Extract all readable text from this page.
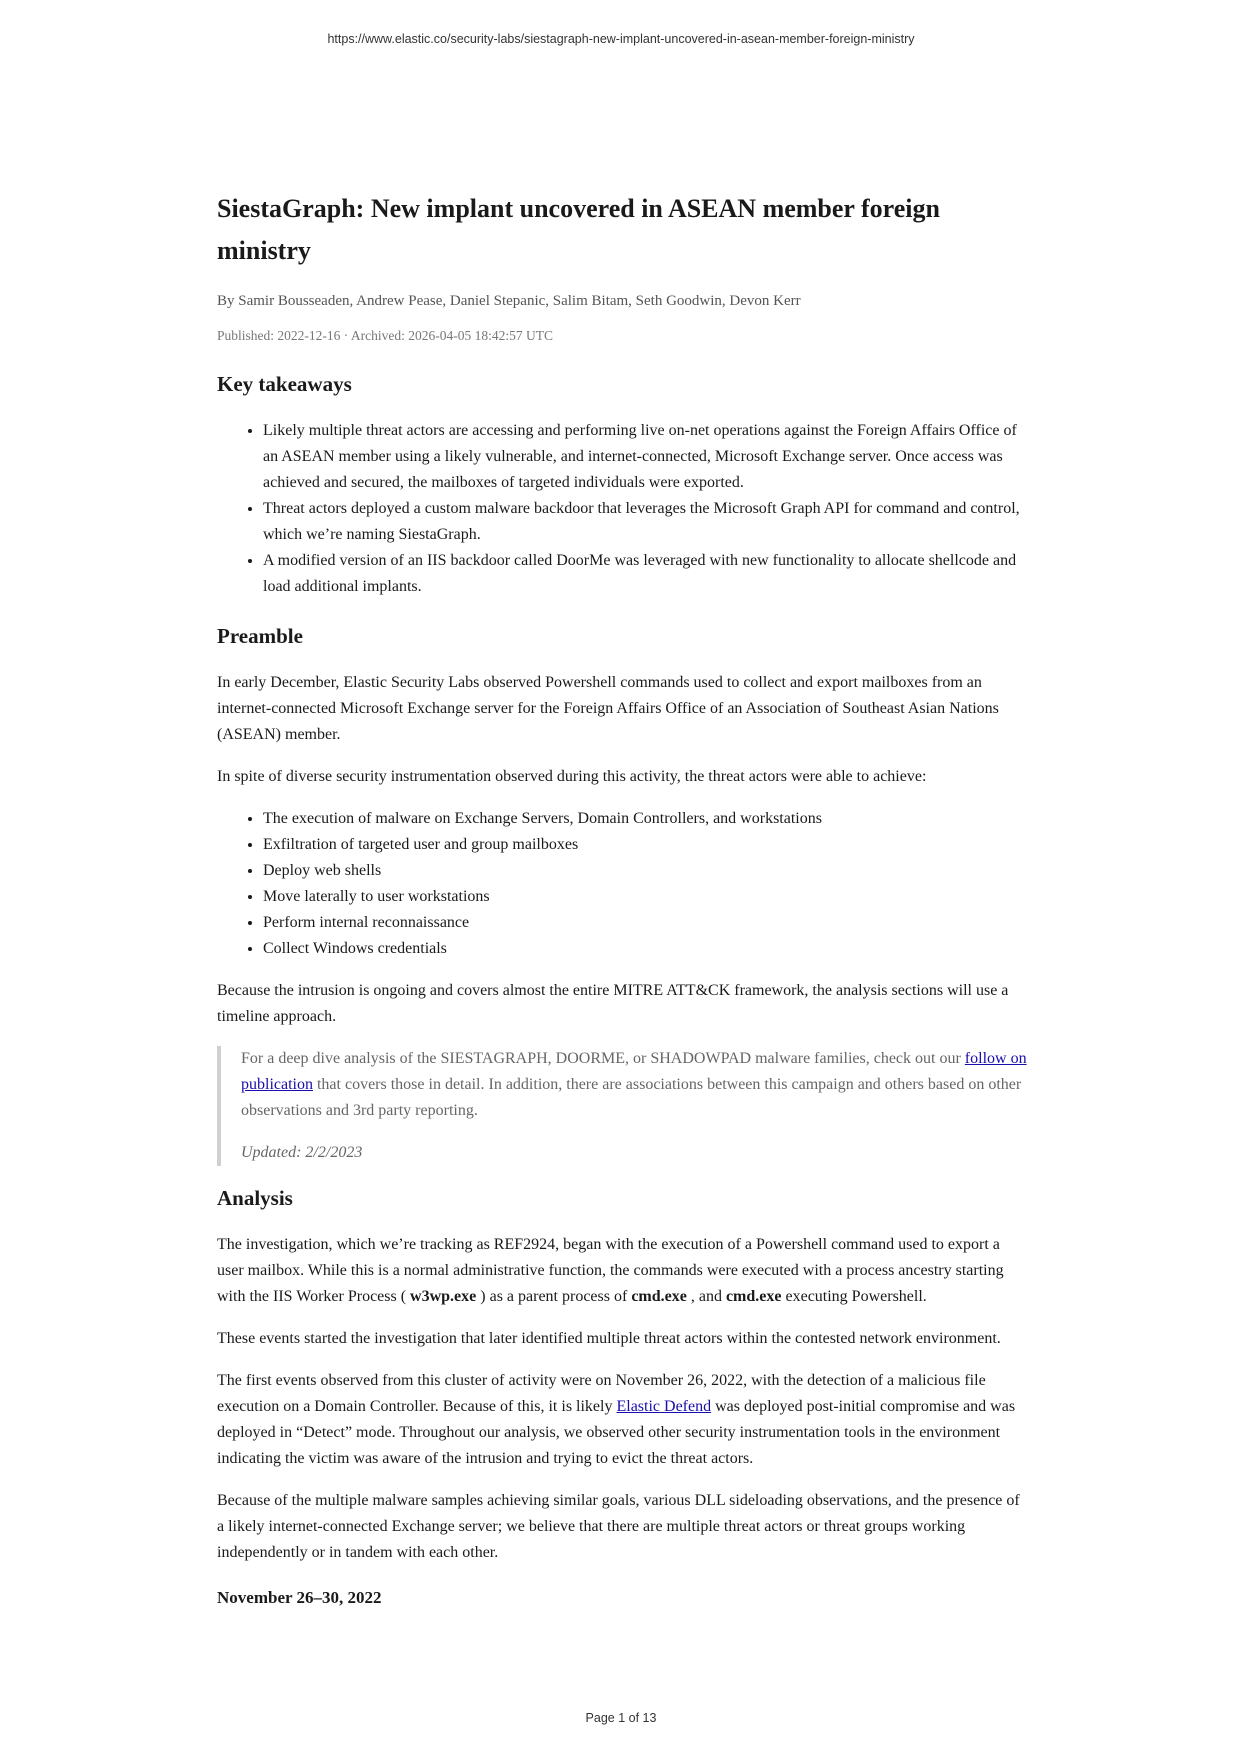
https://www.elastic.co/security-labs/siestagraph-new-implant-uncovered-in-asean-member-foreign-ministry
SiestaGraph: New implant uncovered in ASEAN member foreign ministry
By Samir Bousseaden, Andrew Pease, Daniel Stepanic, Salim Bitam, Seth Goodwin, Devon Kerr
Published: 2022-12-16 · Archived: 2026-04-05 18:42:57 UTC
Key takeaways
• Likely multiple threat actors are accessing and performing live on-net operations against the Foreign Affairs Office of an ASEAN member using a likely vulnerable, and internet-connected, Microsoft Exchange server. Once access was achieved and secured, the mailboxes of targeted individuals were exported.
• Threat actors deployed a custom malware backdoor that leverages the Microsoft Graph API for command and control, which we’re naming SiestaGraph.
• A modified version of an IIS backdoor called DoorMe was leveraged with new functionality to allocate shellcode and load additional implants.
Preamble

In early December, Elastic Security Labs observed Powershell commands used to collect and export mailboxes from an internet-connected Microsoft Exchange server for the Foreign Affairs Office of an Association of Southeast Asian Nations (ASEAN) member.

In spite of diverse security instrumentation observed during this activity, the threat actors were able to achieve:

• The execution of malware on Exchange Servers, Domain Controllers, and workstations
• Exfiltration of targeted user and group mailboxes
• Deploy web shells
• Move laterally to user workstations
• Perform internal reconnaissance
• Collect Windows credentials

Because the intrusion is ongoing and covers almost the entire MITRE ATT&CK framework, the analysis sections will use a timeline approach.

For a deep dive analysis of the SIESTAGRAPH, DOORME, or SHADOWPAD malware families, check out our follow on publication that covers those in detail. In addition, there are associations between this campaign and others based on other observations and 3rd party reporting.

Updated: 2/2/2023

Analysis

The investigation, which we’re tracking as REF2924, began with the execution of a Powershell command used to export a user mailbox. While this is a normal administrative function, the commands were executed with a process ancestry starting with the IIS Worker Process ( w3wp.exe ) as a parent process of cmd.exe , and cmd.exe executing Powershell.

These events started the investigation that later identified multiple threat actors within the contested network environment.

The first events observed from this cluster of activity were on November 26, 2022, with the detection of a malicious file execution on a Domain Controller. Because of this, it is likely Elastic Defend was deployed post-initial compromise and was deployed in “Detect” mode. Throughout our analysis, we observed other security instrumentation tools in the environment indicating the victim was aware of the intrusion and trying to evict the threat actors.

Because of the multiple malware samples achieving similar goals, various DLL sideloading observations, and the presence of a likely internet-connected Exchange server; we believe that there are multiple threat actors or threat groups working independently or in tandem with each other.

November 26–30, 2022
Page 1 of 13
